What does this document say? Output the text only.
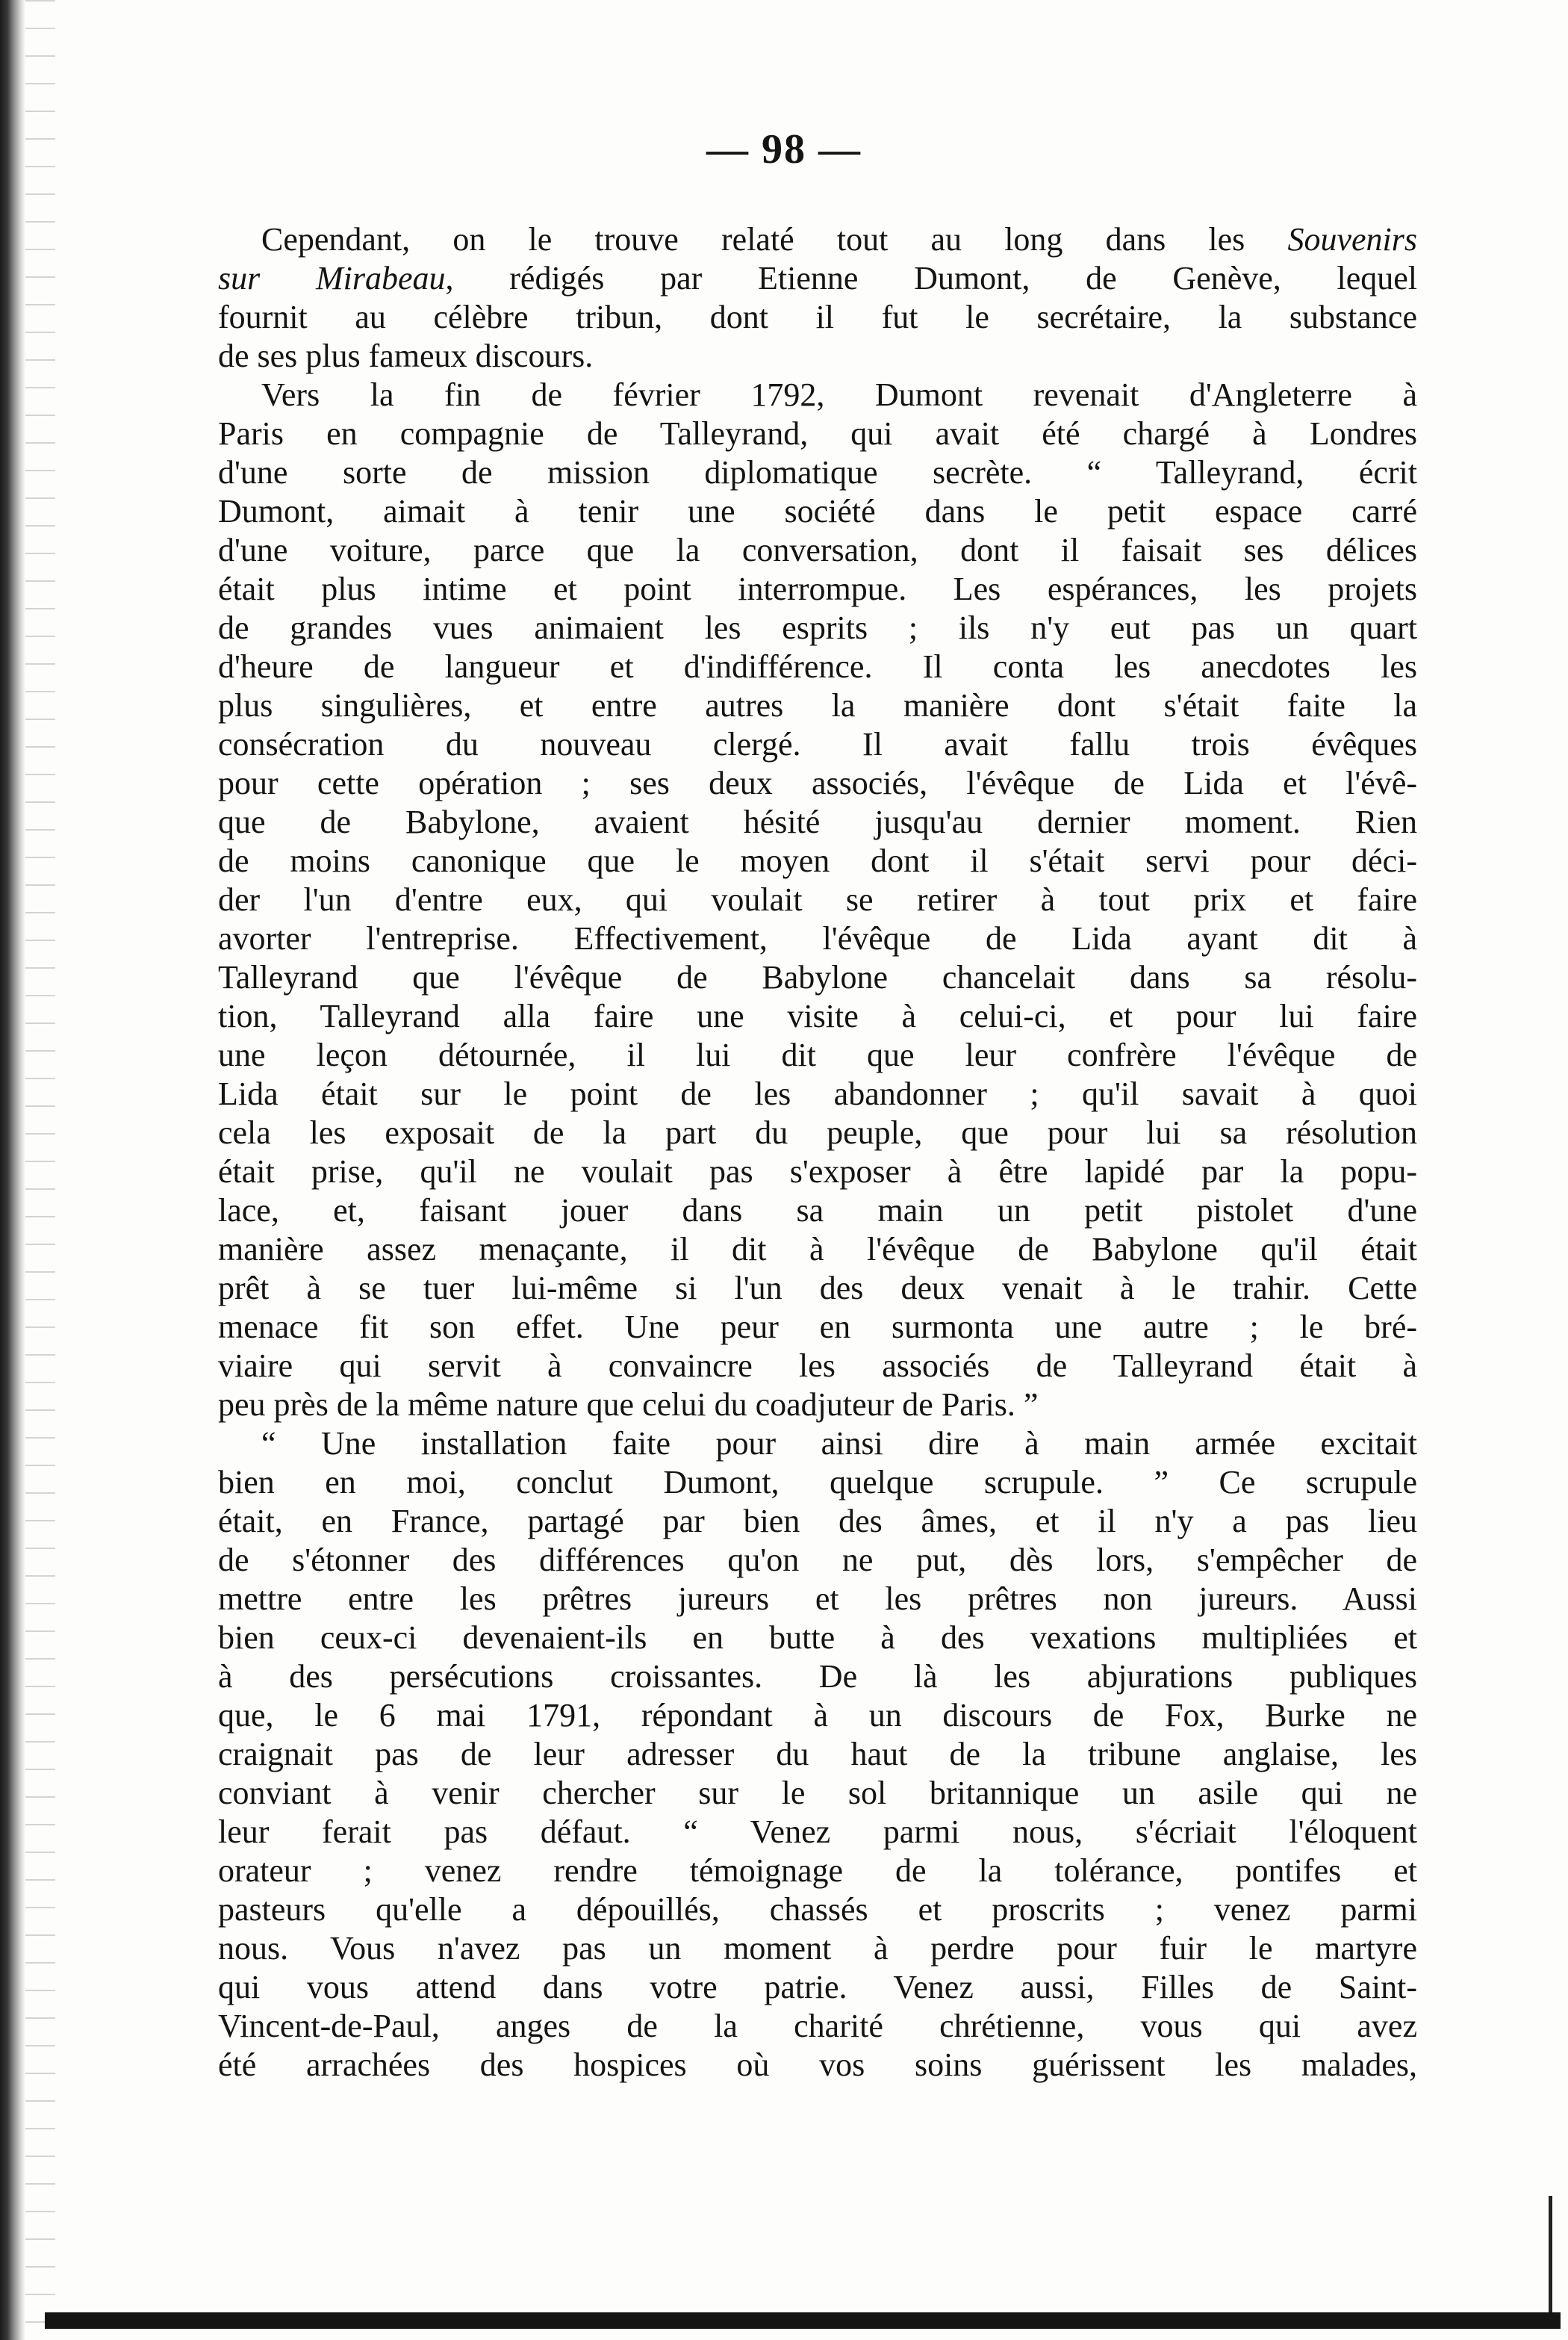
— 98 —
Cependant, on le trouve relaté tout au long dans les Souvenirs
sur Mirabeau, rédigés par Etienne Dumont, de Genève, lequel
fournit au célèbre tribun, dont il fut le secrétaire, la substance
de ses plus fameux discours.
Vers la fin de février 1792, Dumont revenait d'Angleterre à
Paris en compagnie de Talleyrand, qui avait été chargé à Londres
d'une sorte de mission diplomatique secrète. “ Talleyrand, écrit
Dumont, aimait à tenir une société dans le petit espace carré
d'une voiture, parce que la conversation, dont il faisait ses délices
était plus intime et point interrompue. Les espérances, les projets
de grandes vues animaient les esprits ; ils n'y eut pas un quart
d'heure de langueur et d'indifférence. Il conta les anecdotes les
plus singulières, et entre autres la manière dont s'était faite la
consécration du nouveau clergé. Il avait fallu trois évêques
pour cette opération ; ses deux associés, l'évêque de Lida et l'évê-
que de Babylone, avaient hésité jusqu'au dernier moment. Rien
de moins canonique que le moyen dont il s'était servi pour déci-
der l'un d'entre eux, qui voulait se retirer à tout prix et faire
avorter l'entreprise. Effectivement, l'évêque de Lida ayant dit à
Talleyrand que l'évêque de Babylone chancelait dans sa résolu-
tion, Talleyrand alla faire une visite à celui-ci, et pour lui faire
une leçon détournée, il lui dit que leur confrère l'évêque de
Lida était sur le point de les abandonner ; qu'il savait à quoi
cela les exposait de la part du peuple, que pour lui sa résolution
était prise, qu'il ne voulait pas s'exposer à être lapidé par la popu-
lace, et, faisant jouer dans sa main un petit pistolet d'une
manière assez menaçante, il dit à l'évêque de Babylone qu'il était
prêt à se tuer lui-même si l'un des deux venait à le trahir. Cette
menace fit son effet. Une peur en surmonta une autre ; le bré-
viaire qui servit à convaincre les associés de Talleyrand était à
peu près de la même nature que celui du coadjuteur de Paris. ”
“ Une installation faite pour ainsi dire à main armée excitait
bien en moi, conclut Dumont, quelque scrupule. ” Ce scrupule
était, en France, partagé par bien des âmes, et il n'y a pas lieu
de s'étonner des différences qu'on ne put, dès lors, s'empêcher de
mettre entre les prêtres jureurs et les prêtres non jureurs. Aussi
bien ceux-ci devenaient-ils en butte à des vexations multipliées et
à des persécutions croissantes. De là les abjurations publiques
que, le 6 mai 1791, répondant à un discours de Fox, Burke ne
craignait pas de leur adresser du haut de la tribune anglaise, les
conviant à venir chercher sur le sol britannique un asile qui ne
leur ferait pas défaut. “ Venez parmi nous, s'écriait l'éloquent
orateur ; venez rendre témoignage de la tolérance, pontifes et
pasteurs qu'elle a dépouillés, chassés et proscrits ; venez parmi
nous. Vous n'avez pas un moment à perdre pour fuir le martyre
qui vous attend dans votre patrie. Venez aussi, Filles de Saint-
Vincent-de-Paul, anges de la charité chrétienne, vous qui avez
été arrachées des hospices où vos soins guérissent les malades,
